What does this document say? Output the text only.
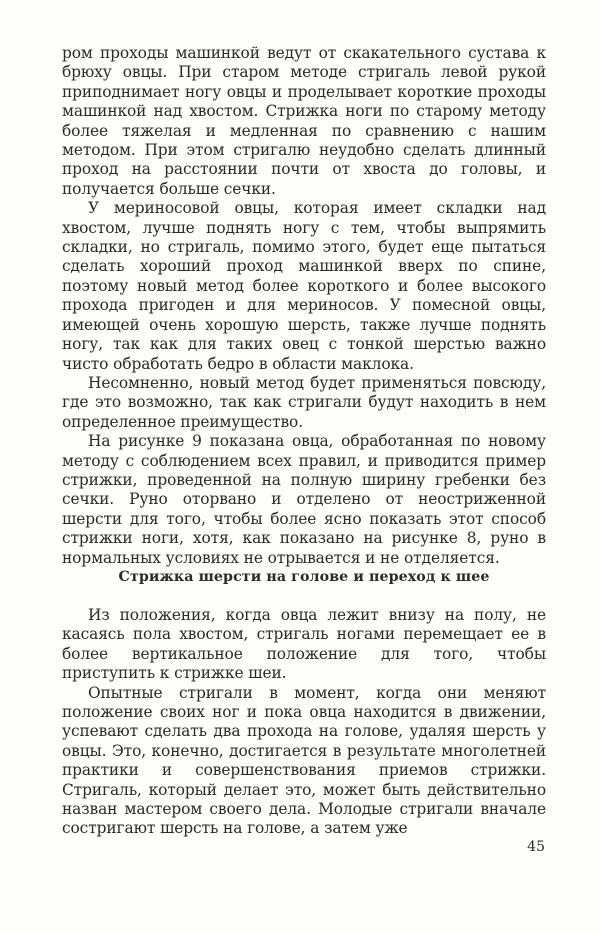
ром проходы машинкой ведут от скакательного сустава к брюху овцы. При старом методе стригаль левой рукой приподнимает ногу овцы и проделывает короткие проходы машинкой над хвостом. Стрижка ноги по старому методу более тяжелая и медленная по сравнению с нашим методом. При этом стригалю неудобно сделать длинный проход на расстоянии почти от хвоста до головы, и получается больше сечки.

У мериносовой овцы, которая имеет складки над хвостом, лучше поднять ногу с тем, чтобы выпрямить складки, но стригаль, помимо этого, будет еще пытаться сделать хороший проход машинкой вверх по спине, поэтому новый метод более короткого и более высокого прохода пригоден и для мериносов. У помесной овцы, имеющей очень хорошую шерсть, также лучше поднять ногу, так как для таких овец с тонкой шерстью важно чисто обработать бедро в области маклока.

Несомненно, новый метод будет применяться повсюду, где это возможно, так как стригали будут находить в нем определенное преимущество.

На рисунке 9 показана овца, обработанная по новому методу с соблюдением всех правил, и приводится пример стрижки, проведенной на полную ширину гребенки без сечки. Руно оторвано и отделено от неостриженной шерсти для того, чтобы более ясно показать этот способ стрижки ноги, хотя, как показано на рисунке 8, руно в нормальных условиях не отрывается и не отделяется.

Стрижка шерсти на голове и переход к шее

Из положения, когда овца лежит внизу на полу, не касаясь пола хвостом, стригаль ногами перемещает ее в более вертикальное положение для того, чтобы приступить к стрижке шеи.

Опытные стригали в момент, когда они меняют положение своих ног и пока овца находится в движении, успевают сделать два прохода на голове, удаляя шерсть у овцы. Это, конечно, достигается в результате многолетней практики и совершенствования приемов стрижки. Стригаль, который делает это, может быть действительно назван мастером своего дела. Молодые стригали вначале состригают шерсть на голове, а затем уже

45
